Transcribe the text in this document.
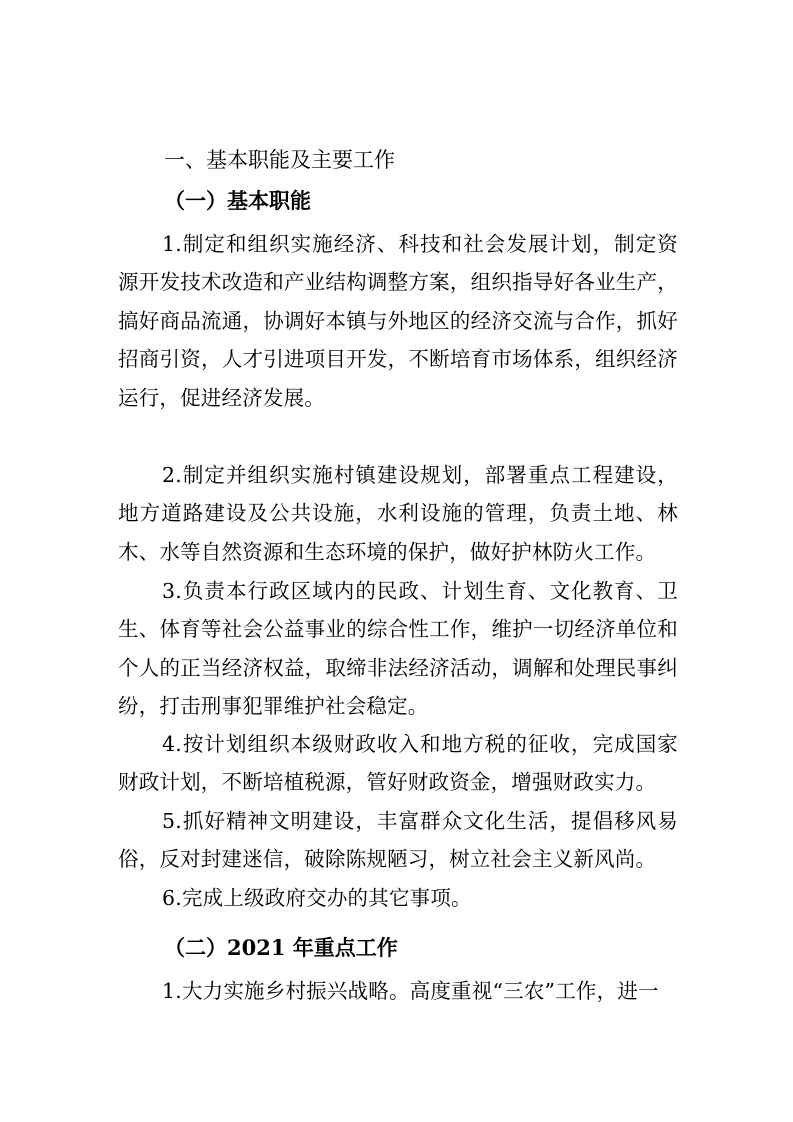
一、基本职能及主要工作
（一）基本职能

1.制定和组织实施经济、科技和社会发展计划，制定资源开发技术改造和产业结构调整方案，组织指导好各业生产，搞好商品流通，协调好本镇与外地区的经济交流与合作，抓好招商引资，人才引进项目开发，不断培育市场体系，组织经济运行，促进经济发展。

2.制定并组织实施村镇建设规划，部署重点工程建设，地方道路建设及公共设施，水利设施的管理，负责土地、林木、水等自然资源和生态环境的保护，做好护林防火工作。

3.负责本行政区域内的民政、计划生育、文化教育、卫生、体育等社会公益事业的综合性工作，维护一切经济单位和个人的正当经济权益，取缔非法经济活动，调解和处理民事纠纷，打击刑事犯罪维护社会稳定。

4.按计划组织本级财政收入和地方税的征收，完成国家财政计划，不断培植税源，管好财政资金，增强财政实力。

5.抓好精神文明建设，丰富群众文化生活，提倡移风易俗，反对封建迷信，破除陈规陋习，树立社会主义新风尚。

6.完成上级政府交办的其它事项。

（二）2021 年重点工作

1.大力实施乡村振兴战略。高度重视“三农”工作，进一
